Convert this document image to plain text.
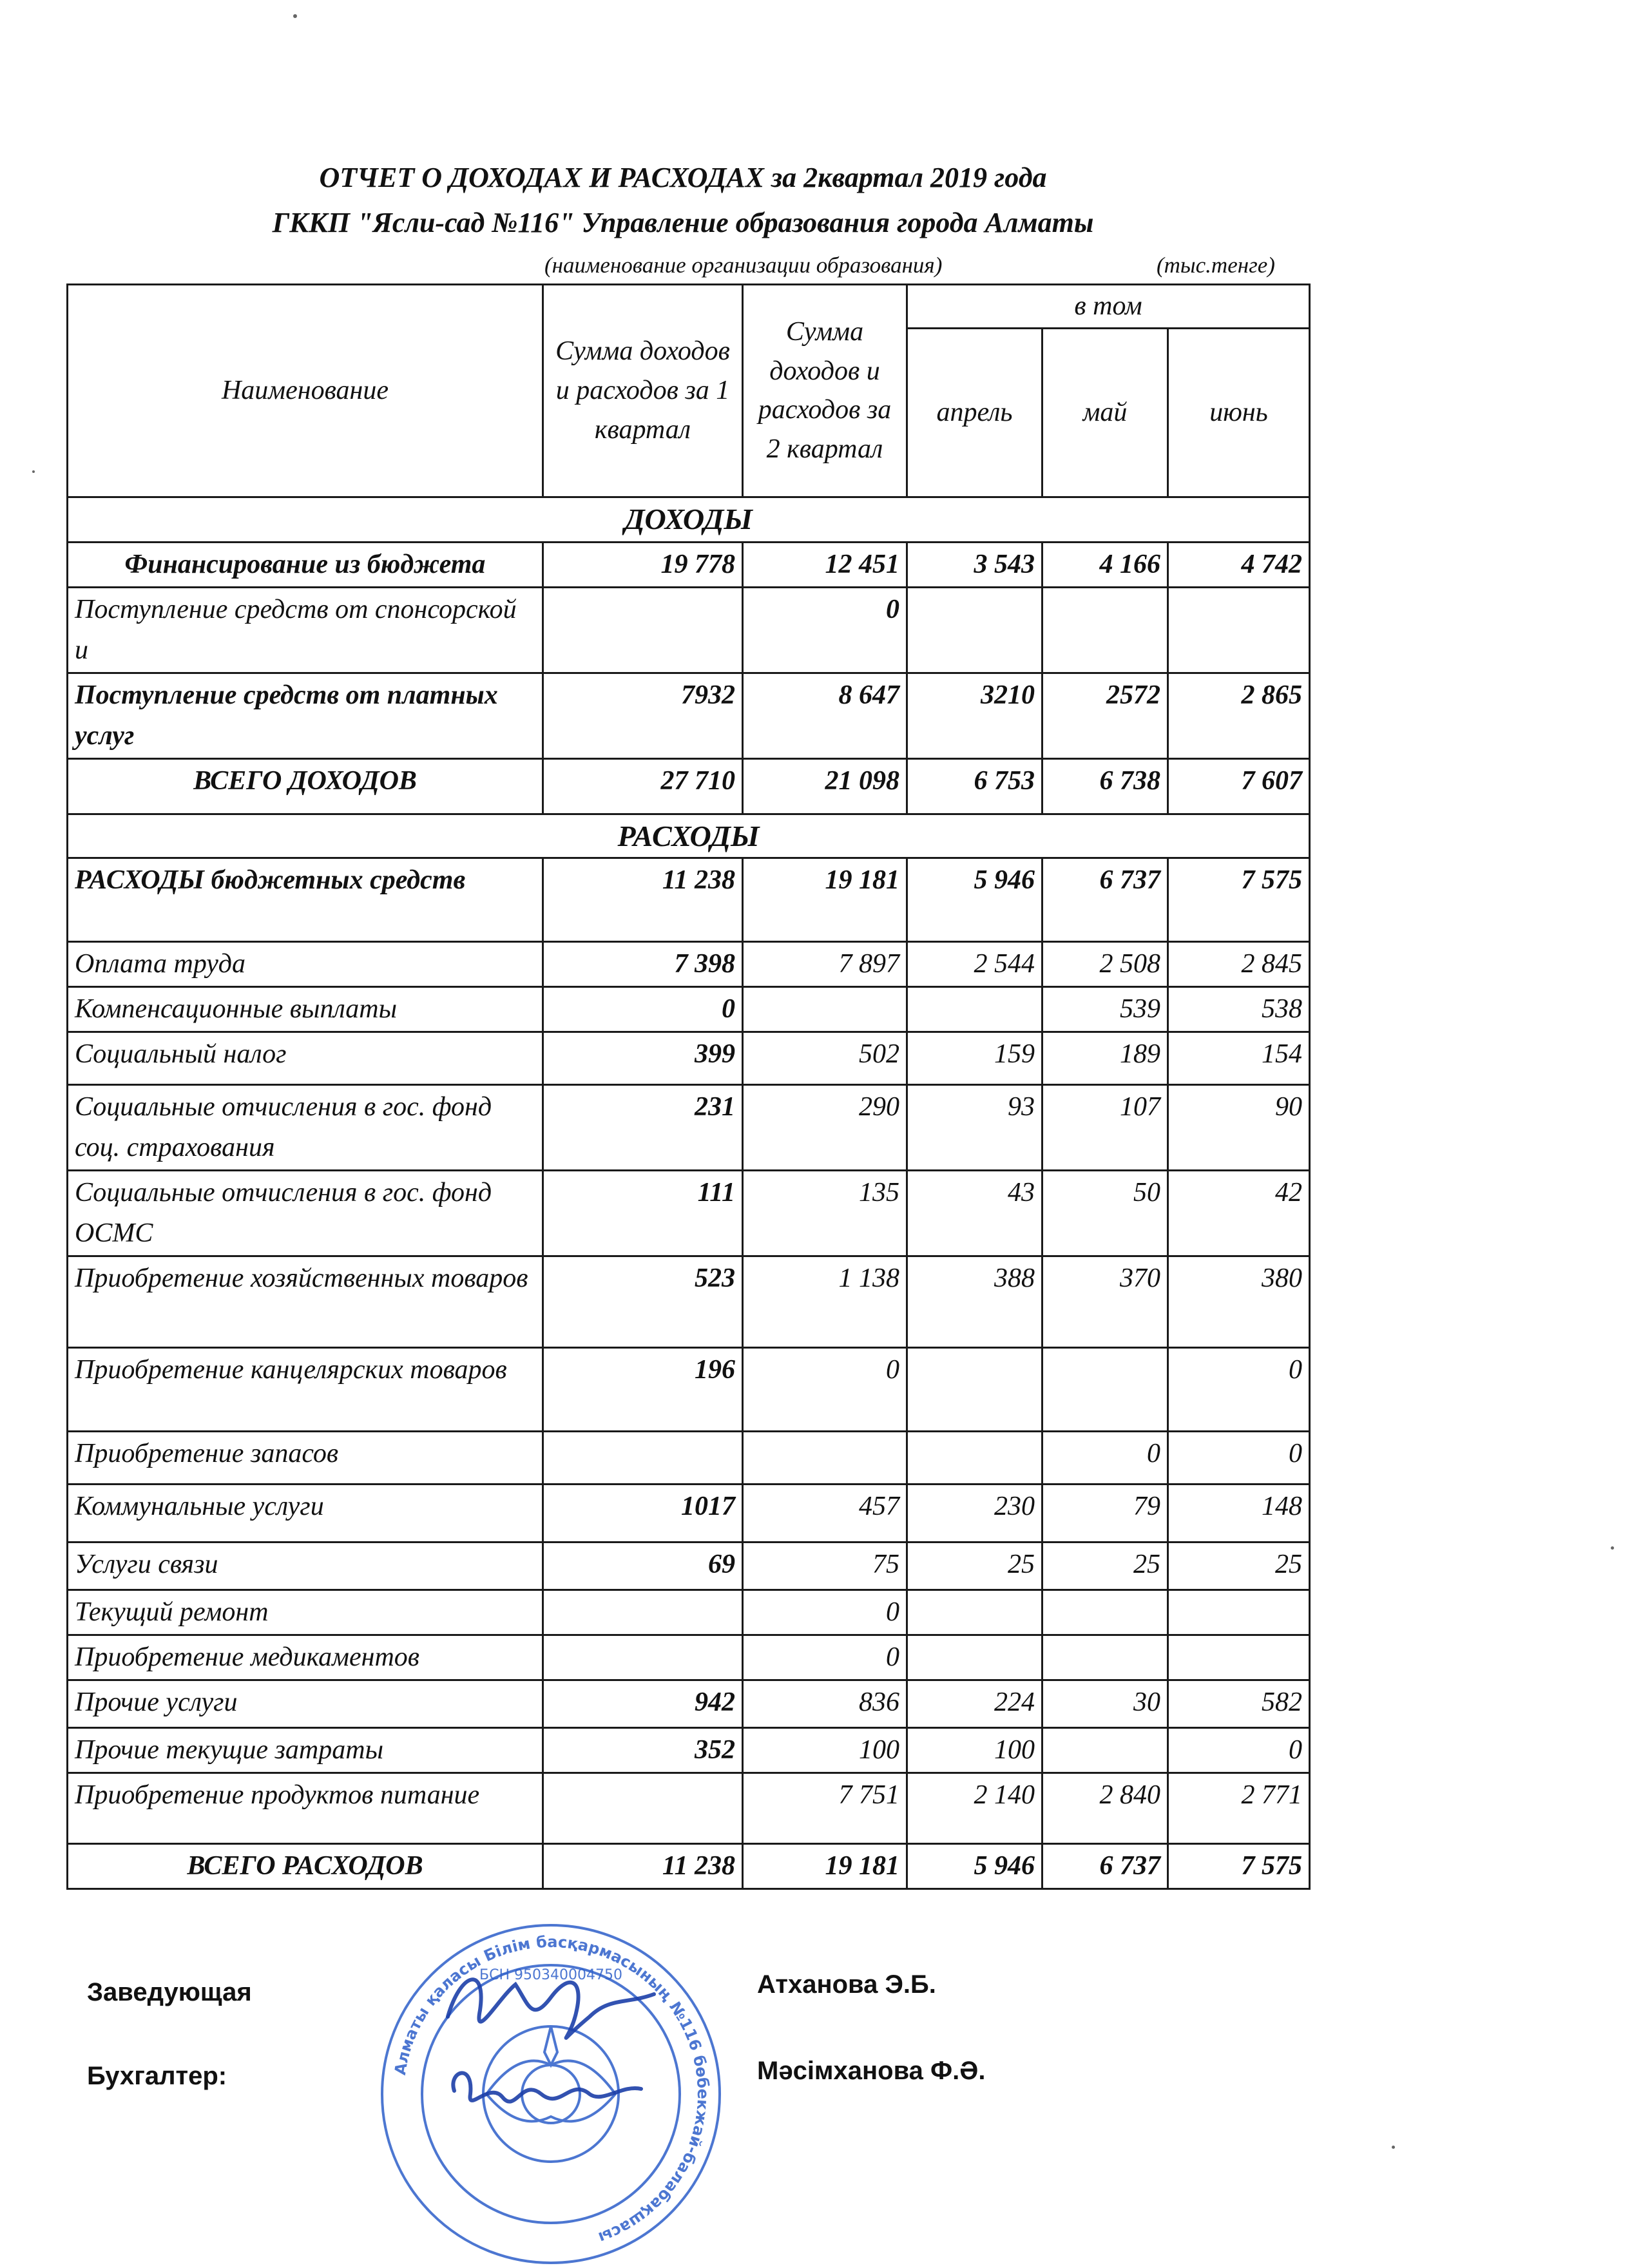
ОТЧЕТ О ДОХОДАХ И РАСХОДАХ за 2квартал 2019 года
ГККП "Ясли-сад №116" Управление образования города Алматы
(наименование организации образования)	(тыс.тенге)
Наименование	Сумма доходов и расходов за 1 квартал	Сумма доходов и расходов за 2 квартал	в том		
			апрель	май	июнь
ДОХОДЫ					
Финансирование из бюджета	19 778	12 451	3 543	4 166	4 742
Поступление средств от спонсорской и		0			
Поступление средств от платных услуг	7932	8 647	3210	2572	2 865
ВСЕГО ДОХОДОВ	27 710	21 098	6 753	6 738	7 607
РАСХОДЫ					
РАСХОДЫ бюджетных средств	11 238	19 181	5 946	6 737	7 575
Оплата труда	7 398	7 897	2 544	2 508	2 845
Компенсационные выплаты	0			539	538
Социальный налог	399	502	159	189	154
Социальные отчисления в гос. фонд соц. страхования	231	290	93	107	90
Социальные отчисления в гос. фонд ОСМС	111	135	43	50	42
Приобретение хозяйственных товаров	523	1 138	388	370	380
Приобретение канцелярских товаров	196	0			0
Приобретение запасов				0	0
Коммунальные услуги	1017	457	230	79	148
Услуги связи	69	75	25	25	25
Текущий ремонт		0			
Приобретение медикаментов		0			
Прочие услуги	942	836	224	30	582
Прочие текущие затраты	352	100	100		0
Приобретение продуктов питание		7 751	2 140	2 840	2 771
ВСЕГО РАСХОДОВ	11 238	19 181	5 946	6 737	7 575
Заведующая	Атханова Э.Б.
Бухгалтер:	Мәсімханова Ф.Ә.
Алматы қаласы Білім басқармасының №116 бөбекжай-балабақшасы
БСН 950340004750
